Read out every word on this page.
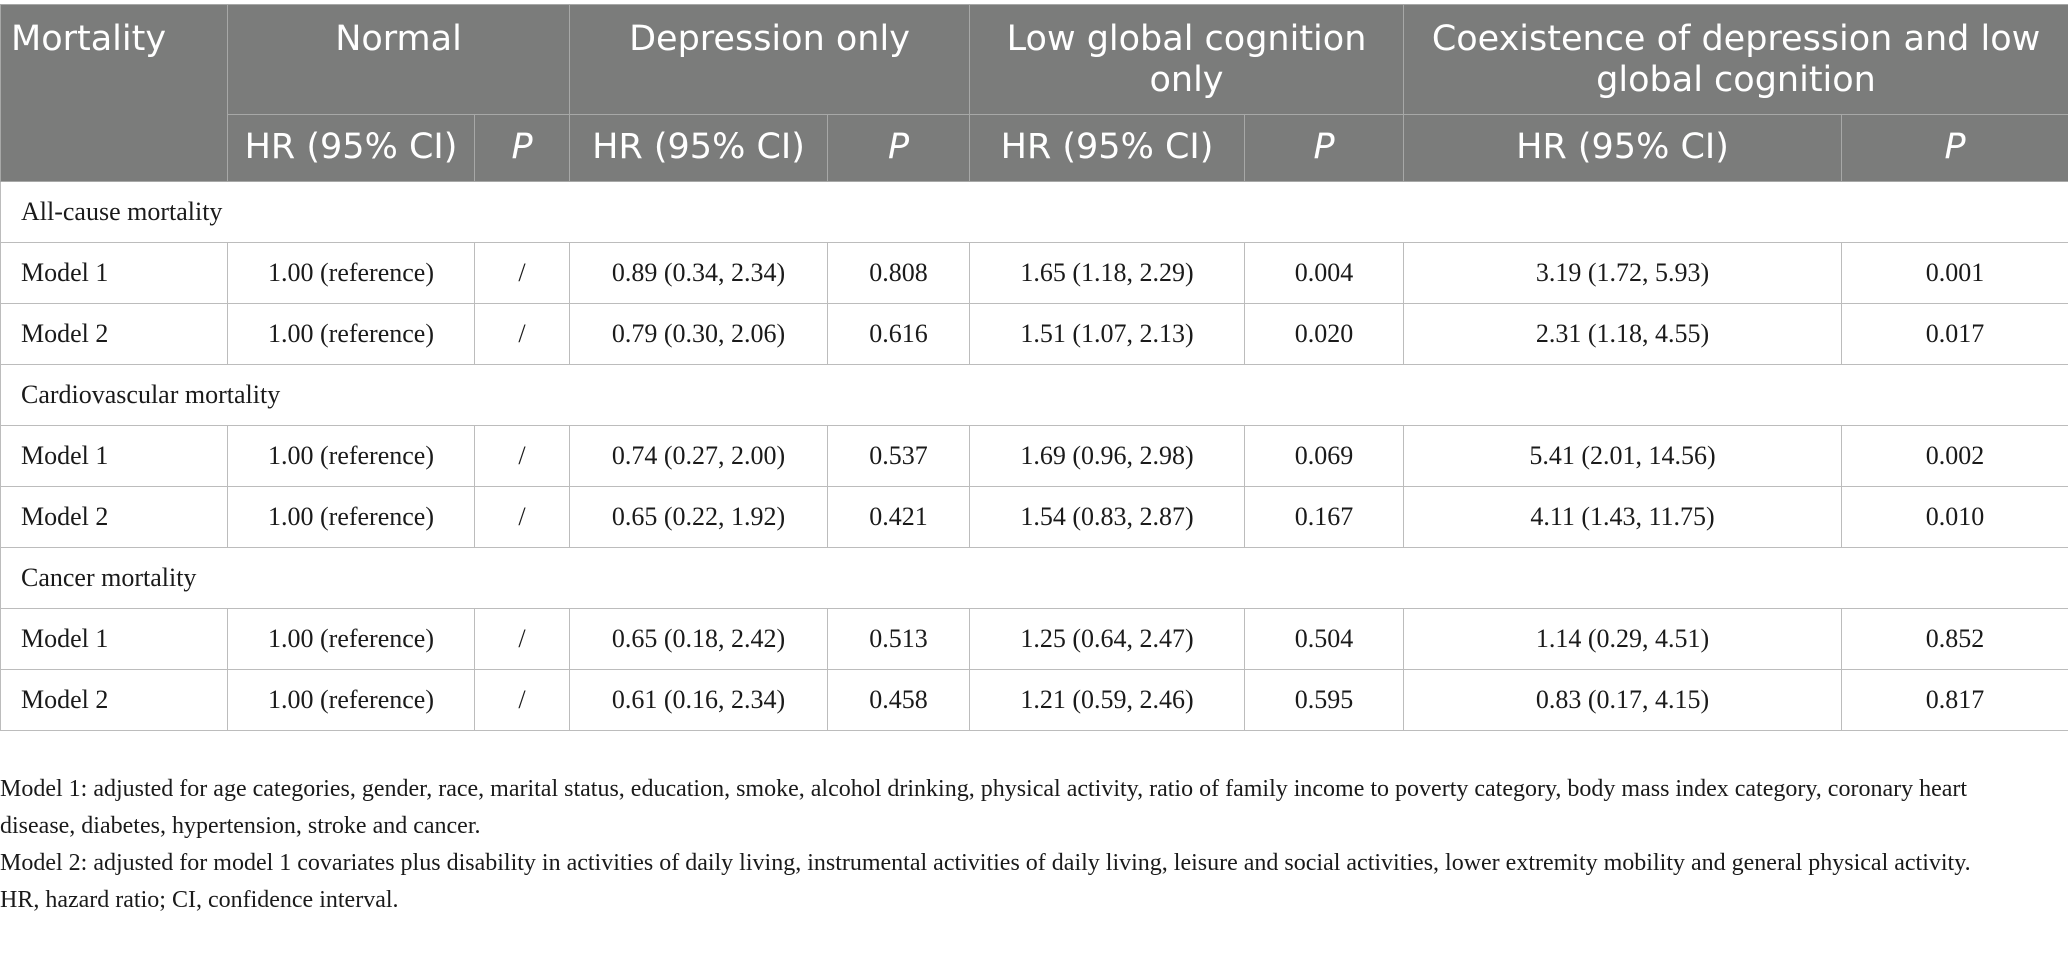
Mortality	Normal		Depression only		Low global cognition only		Coexistence of depression and low global cognition	
	HR (95% CI)	P	HR (95% CI)	P	HR (95% CI)	P	HR (95% CI)	P
All-cause mortality								
Model 1	1.00 (reference)	/	0.89 (0.34, 2.34)	0.808	1.65 (1.18, 2.29)	0.004	3.19 (1.72, 5.93)	0.001
Model 2	1.00 (reference)	/	0.79 (0.30, 2.06)	0.616	1.51 (1.07, 2.13)	0.020	2.31 (1.18, 4.55)	0.017
Cardiovascular mortality								
Model 1	1.00 (reference)	/	0.74 (0.27, 2.00)	0.537	1.69 (0.96, 2.98)	0.069	5.41 (2.01, 14.56)	0.002
Model 2	1.00 (reference)	/	0.65 (0.22, 1.92)	0.421	1.54 (0.83, 2.87)	0.167	4.11 (1.43, 11.75)	0.010
Cancer mortality								
Model 1	1.00 (reference)	/	0.65 (0.18, 2.42)	0.513	1.25 (0.64, 2.47)	0.504	1.14 (0.29, 4.51)	0.852
Model 2	1.00 (reference)	/	0.61 (0.16, 2.34)	0.458	1.21 (0.59, 2.46)	0.595	0.83 (0.17, 4.15)	0.817

Model 1: adjusted for age categories, gender, race, marital status, education, smoke, alcohol drinking, physical activity, ratio of family income to poverty category, body mass index category, coronary heart disease, diabetes, hypertension, stroke and cancer.

Model 2: adjusted for model 1 covariates plus disability in activities of daily living, instrumental activities of daily living, leisure and social activities, lower extremity mobility and general physical activity.

HR, hazard ratio; CI, confidence interval.
